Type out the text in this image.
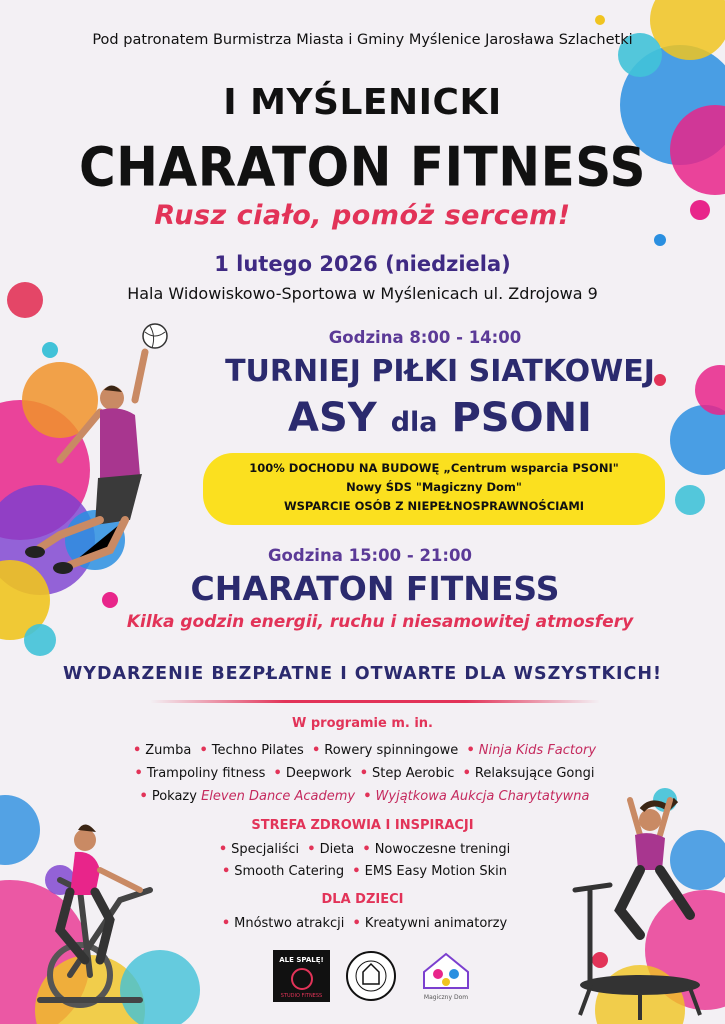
Pod patronatem Burmistrza Miasta i Gminy Myślenice Jarosława Szlachetki
I MYŚLENICKI
CHARATON FITNESS
Rusz ciało, pomóż sercem!
1 lutego 2026 (niedziela)
Hala Widowiskowo-Sportowa w Myślenicach ul. Zdrojowa 9
Godzina 8:00 - 14:00
TURNIEJ PIŁKI SIATKOWEJ
ASY dla PSONI
100% DOCHODU NA BUDOWĘ „Centrum wsparcia PSONI"
Nowy ŚDS "Magiczny Dom"
WSPARCIE OSÓB Z NIEPEŁNOSPRAWNOŚCIAMI
Godzina 15:00 - 21:00
CHARATON FITNESS
Kilka godzin energii, ruchu i niesamowitej atmosfery
WYDARZENIE BEZPŁATNE I OTWARTE DLA WSZYSTKICH!
W programie m. in.
• Zumba • Techno Pilates • Rowery spinningowe • Ninja Kids Factory
• Trampoliny fitness • Deepwork • Step Aerobic • Relaksujące Gongi
• Pokazy Eleven Dance Academy • Wyjątkowa Aukcja Charytatywna
STREFA ZDROWIA I INSPIRACJI
• Specjaliści • Dieta • Nowoczesne treningi
• Smooth Catering • EMS Easy Motion Skin
DLA DZIECI
• Mnóstwo atrakcji • Kreatywni animatorzy
ALE SPALĘ!
STUDIO FITNESS	Magiczny Dom
